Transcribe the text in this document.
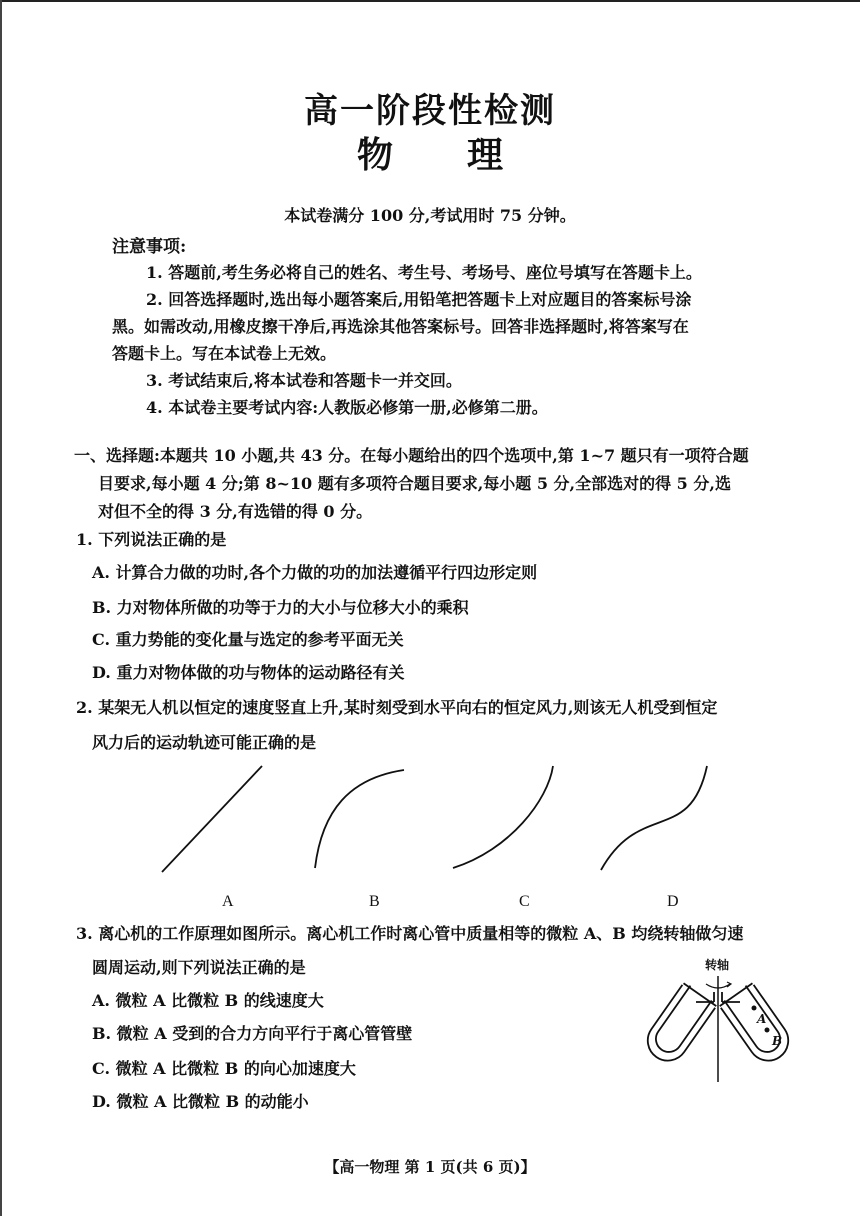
高一阶段性检测
物理
本试卷满分 100 分,考试用时 75 分钟。
注意事项:
1. 答题前,考生务必将自己的姓名、考生号、考场号、座位号填写在答题卡上。
2. 回答选择题时,选出每小题答案后,用铅笔把答题卡上对应题目的答案标号涂
黑。如需改动,用橡皮擦干净后,再选涂其他答案标号。回答非选择题时,将答案写在
答题卡上。写在本试卷上无效。
3. 考试结束后,将本试卷和答题卡一并交回。
4. 本试卷主要考试内容:人教版必修第一册,必修第二册。
一、选择题:本题共 10 小题,共 43 分。在每小题给出的四个选项中,第 1~7 题只有一项符合题
目要求,每小题 4 分;第 8~10 题有多项符合题目要求,每小题 5 分,全部选对的得 5 分,选
对但不全的得 3 分,有选错的得 0 分。
1. 下列说法正确的是
A. 计算合力做的功时,各个力做的功的加法遵循平行四边形定则
B. 力对物体所做的功等于力的大小与位移大小的乘积
C. 重力势能的变化量与选定的参考平面无关
D. 重力对物体做的功与物体的运动路径有关
2. 某架无人机以恒定的速度竖直上升,某时刻受到水平向右的恒定风力,则该无人机受到恒定
风力后的运动轨迹可能正确的是
A	B	C	D
3. 离心机的工作原理如图所示。离心机工作时离心管中质量相等的微粒 A、B 均绕转轴做匀速
圆周运动,则下列说法正确的是
A. 微粒 A 比微粒 B 的线速度大
B. 微粒 A 受到的合力方向平行于离心管管壁
C. 微粒 A 比微粒 B 的向心加速度大
D. 微粒 A 比微粒 B 的动能小
转轴
A
B
【高一物理 第 1 页(共 6 页)】
